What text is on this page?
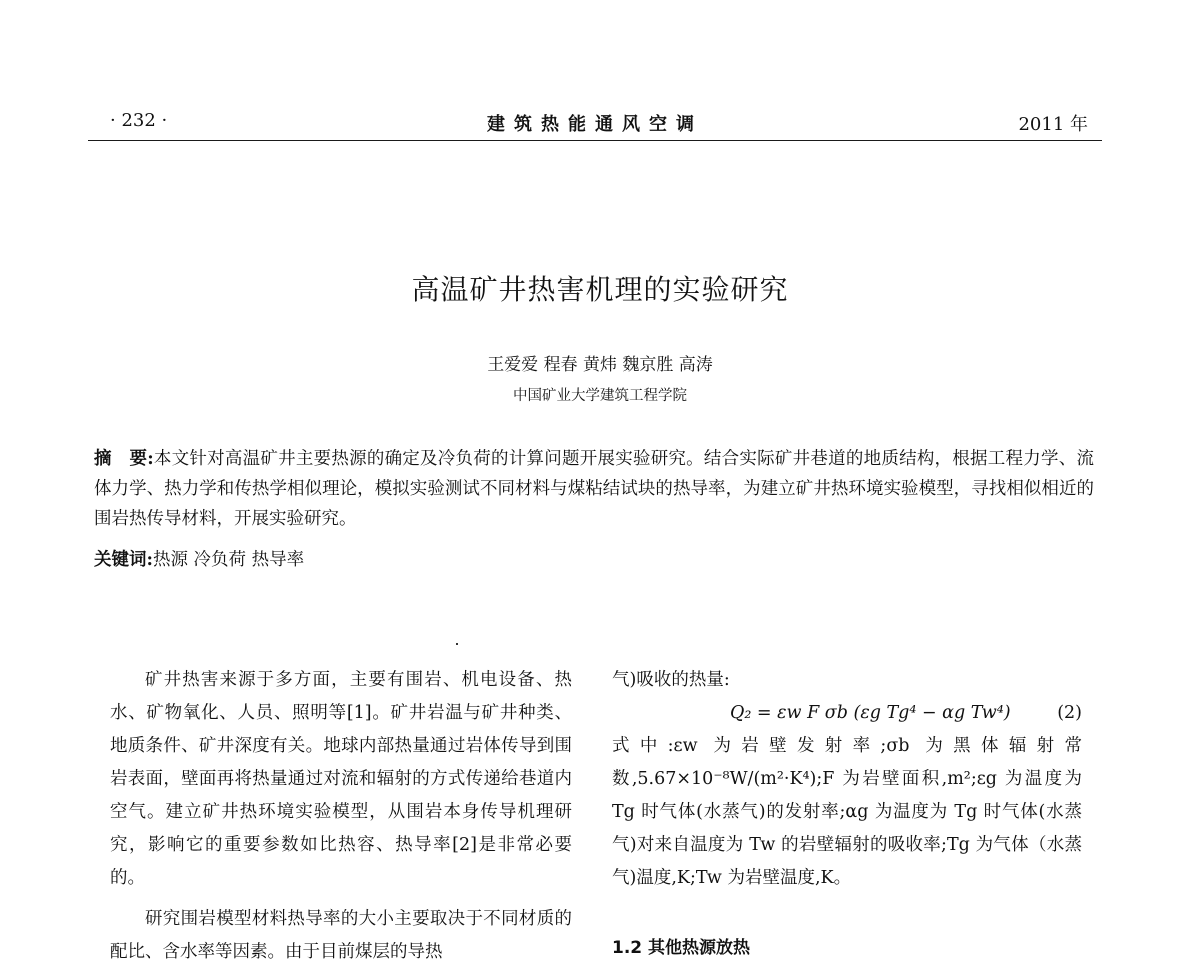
· 232 ·	建筑热能通风空调	2011 年
高温矿井热害机理的实验研究
王爱爱 程春 黄炜 魏京胜 高涛
中国矿业大学建筑工程学院
摘　要:本文针对高温矿井主要热源的确定及冷负荷的计算问题开展实验研究。结合实际矿井巷道的地质结构，根据工程力学、流体力学、热力学和传热学相似理论，模拟实验测试不同材料与煤粘结试块的热导率，为建立矿井热环境实验模型，寻找相似相近的围岩热传导材料，开展实验研究。
关键词:热源 冷负荷 热导率

矿井热害来源于多方面，主要有围岩、机电设备、热水、矿物氧化、人员、照明等[1]。矿井岩温与矿井种类、地质条件、矿井深度有关。地球内部热量通过岩体传导到围岩表面，壁面再将热量通过对流和辐射的方式传递给巷道内空气。建立矿井热环境实验模型，从围岩本身传导机理研究，影响它的重要参数如比热容、热导率[2]是非常必要的。

研究围岩模型材料热导率的大小主要取决于不同材质的配比、含水率等因素。由于目前煤层的导热

气)吸收的热量:

Q₂ = εw F σb (εg Tg⁴ − αg Tw⁴)	(2)

式中:εw 为岩壁发射率;σb 为黑体辐射常数,5.67×10⁻⁸W/(m²·K⁴);F 为岩壁面积,m²;εg 为温度为 Tg 时气体(水蒸气)的发射率;αg 为温度为 Tg 时气体(水蒸气)对来自温度为 Tw 的岩壁辐射的吸收率;Tg 为气体（水蒸气)温度,K;Tw 为岩壁温度,K。

1.2 其他热源放热
